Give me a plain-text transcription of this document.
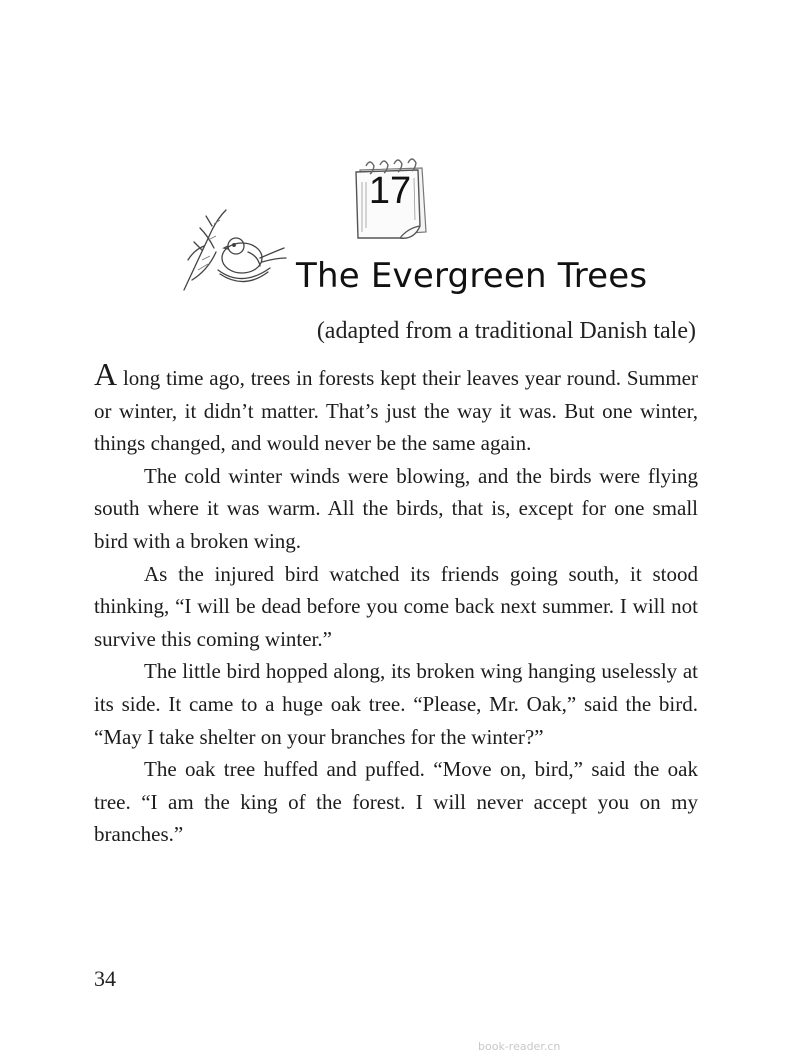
17
The Evergreen Trees
(adapted from a traditional Danish tale)

A long time ago, trees in forests kept their leaves year round. Summer or winter, it didn’t matter. That’s just the way it was. But one winter, things changed, and would never be the same again.

The cold winter winds were blowing, and the birds were flying south where it was warm. All the birds, that is, except for one small bird with a broken wing.

As the injured bird watched its friends going south, it stood thinking, “I will be dead before you come back next summer. I will not survive this coming winter.”

The little bird hopped along, its broken wing hanging uselessly at its side. It came to a huge oak tree. “Please, Mr. Oak,” said the bird. “May I take shelter on your branches for the winter?”

The oak tree huffed and puffed. “Move on, bird,” said the oak tree. “I am the king of the forest. I will never accept you on my branches.”

34
book-reader.cn
